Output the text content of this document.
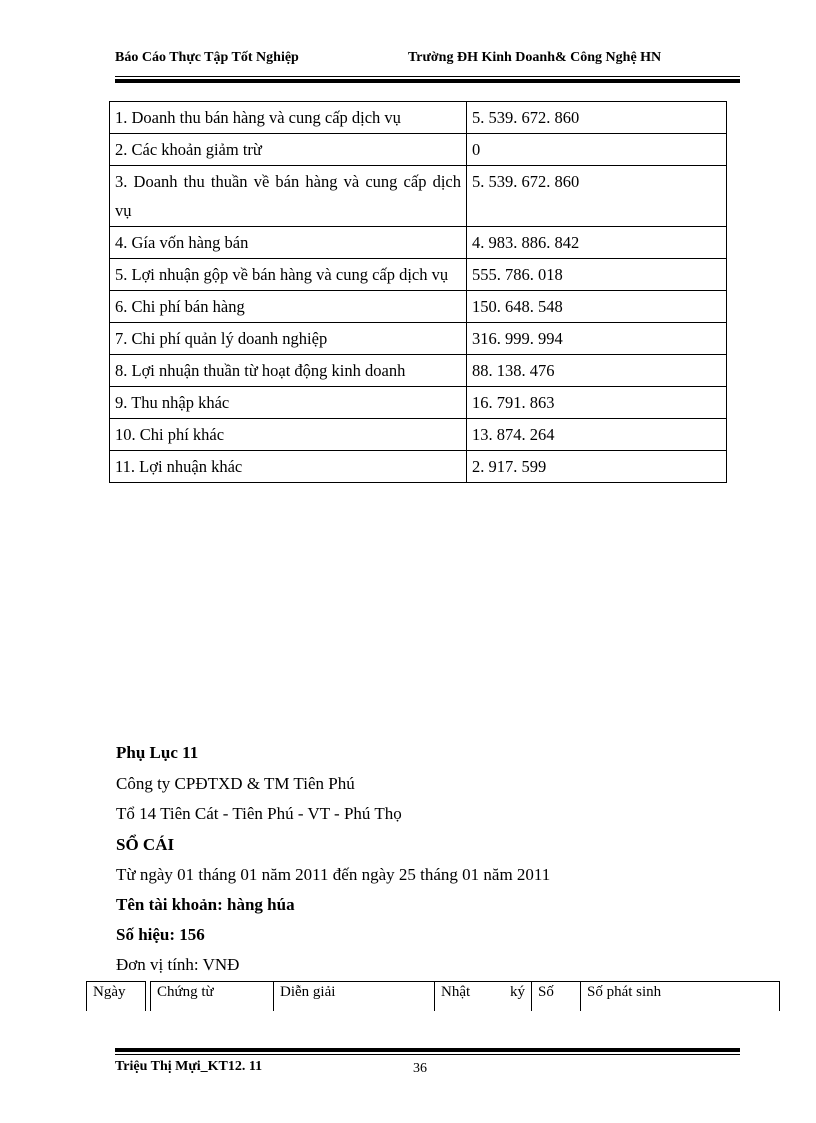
Báo Cáo Thực Tập Tốt Nghiệp	Trường ĐH Kinh Doanh& Công Nghệ HN
1. Doanh thu bán hàng và cung cấp dịch vụ	5. 539. 672. 860
2. Các khoản giảm trừ	0
3. Doanh thu thuần về bán hàng và cung cấp dịch vụ	5. 539. 672. 860
4. Gía vốn hàng bán	4. 983. 886. 842
5. Lợi nhuận gộp về bán hàng và cung cấp dịch vụ	555. 786. 018
6. Chi phí bán hàng	150. 648. 548
7. Chi phí quản lý doanh nghiệp	316. 999. 994
8. Lợi nhuận thuần từ hoạt động kinh doanh	88. 138. 476
9. Thu nhập khác	16. 791. 863
10. Chi phí khác	13. 874. 264
11. Lợi nhuận khác	2. 917. 599
Phụ Lục 11
Công ty CPĐTXD & TM Tiên Phú
Tổ 14 Tiên Cát - Tiên Phú - VT - Phú Thọ
SỔ CÁI
Từ ngày 01 tháng 01 năm 2011 đến ngày 25 tháng 01 năm 2011
Tên tài khoản: hàng húa
Số hiệu: 156
Đơn vị tính: VNĐ
Ngày		Chứng từ	Diễn giải	Nhật	ký	Số	Số phát sinh
Triệu Thị Mựi_KT12. 11	36
